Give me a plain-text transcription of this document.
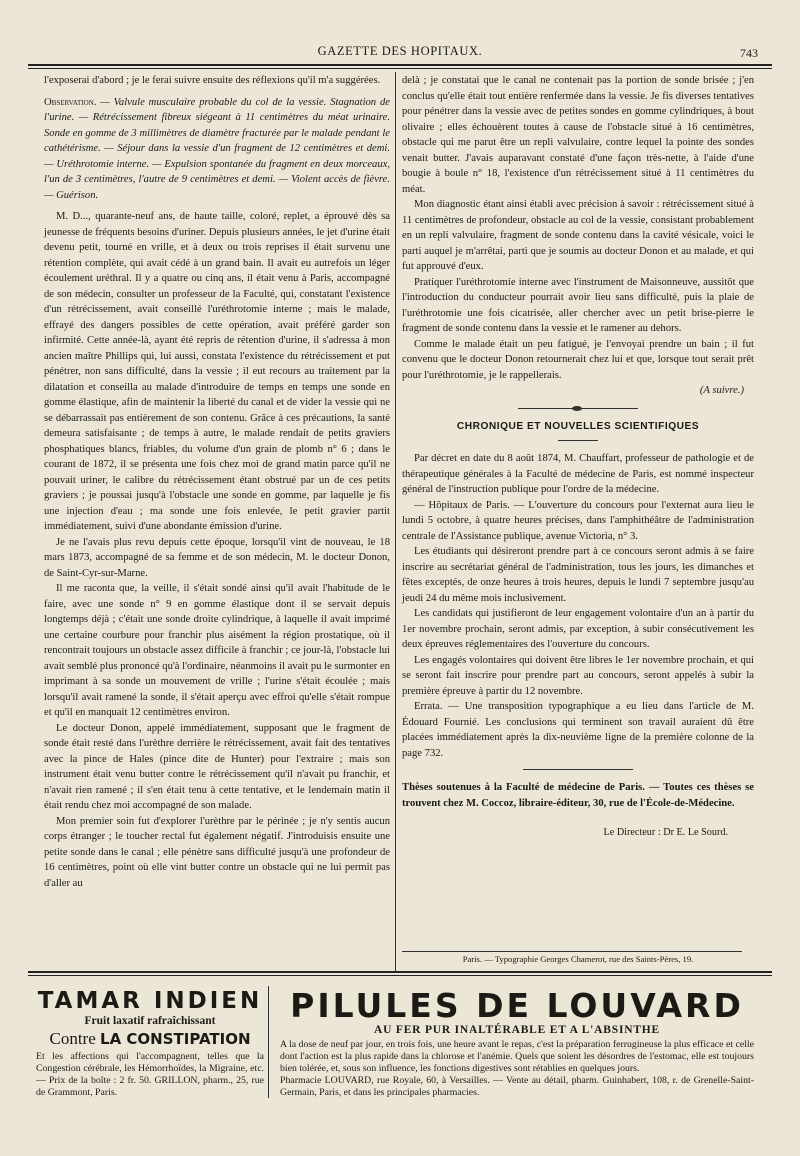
GAZETTE DES HOPITAUX.	743

l'exposerai d'abord ; je le ferai suivre ensuite des réflexions qu'il m'a suggérées.

Observation. — Valvule musculaire probable du col de la vessie. Stagnation de l'urine. — Rétrécissement fibreux siégeant à 11 centimètres du méat urinaire. Sonde en gomme de 3 millimètres de diamètre fracturée par le malade pendant le cathétérisme. — Séjour dans la vessie d'un fragment de 12 centimètres et demi. — Uréthrotomie interne. — Expulsion spontanée du fragment en deux morceaux, l'un de 3 centimètres, l'autre de 9 centimètres et demi. — Violent accès de fièvre. — Guérison.

M. D..., quarante-neuf ans, de haute taille, coloré, replet, a éprouvé dès sa jeunesse de fréquents besoins d'uriner. Depuis plusieurs années, le jet d'urine était devenu petit, tourné en vrille, et à deux ou trois reprises il était survenu une rétention complète, qui avait cédé à un grand bain. Il avait eu autrefois un léger écoulement uréthral. Il y a quatre ou cinq ans, il était venu à Paris, accompagné de son médecin, consulter un professeur de la Faculté, qui, constatant l'existence d'un rétrécissement, avait conseillé l'uréthrotomie interne ; mais le malade, effrayé des dangers possibles de cette opération, avait préféré garder son infirmité. Cette année-là, ayant été repris de rétention d'urine, il s'adressa à mon ancien maître Phillips qui, lui aussi, constata l'existence du rétrécissement et put pénétrer, non sans difficulté, dans la vessie ; il eut recours au traitement par la dilatation et conseilla au malade d'introduire de temps en temps une sonde en gomme élastique, afin de maintenir la liberté du canal et de vider la vessie qui ne se débarrassait pas entièrement de son contenu. Grâce à ces précautions, la santé demeura satisfaisante ; de temps à autre, le malade rendait de petits graviers phosphatiques blancs, friables, du volume d'un grain de plomb n° 6 ; dans le courant de 1872, il se présenta une fois chez moi de grand matin parce qu'il ne pouvait uriner, le calibre du rétrécissement étant obstrué par un de ces petits graviers ; je poussai jusqu'à l'obstacle une sonde en gomme, par laquelle je fis une injection d'eau ; ma sonde une fois enlevée, le petit gravier partit immédiatement, suivi d'une abondante émission d'urine.

Je ne l'avais plus revu depuis cette époque, lorsqu'il vint de nouveau, le 18 mars 1873, accompagné de sa femme et de son médecin, M. le docteur Donon, de Saint-Cyr-sur-Marne.

Il me raconta que, la veille, il s'était sondé ainsi qu'il avait l'habitude de le faire, avec une sonde n° 9 en gomme élastique dont il se servait depuis longtemps déjà ; c'était une sonde droite cylindrique, à laquelle il avait imprimé une certaine courbure pour franchir plus aisément la région prostatique, où il rencontrait toujours un obstacle assez difficile à franchir ; ce jour-là, l'obstacle lui avait semblé plus prononcé qu'à l'ordinaire, néanmoins il avait pu le surmonter en imprimant à sa sonde un mouvement de vrille ; l'urine s'était écoulée ; mais lorsqu'il avait ramené la sonde, il s'était aperçu avec effroi qu'elle s'était rompue et qu'il en manquait 12 centimètres environ.

Le docteur Donon, appelé immédiatement, supposant que le fragment de sonde était resté dans l'urèthre derrière le rétrécissement, avait fait des tentatives avec la pince de Hales (pince dite de Hunter) pour l'extraire ; mais son instrument était venu butter contre le rétrécissement qu'il n'avait pu franchir, et n'avait rien ramené ; il s'en était tenu à cette tentative, et le lendemain matin il était rendu chez moi accompagné de son malade.

Mon premier soin fut d'explorer l'urèthre par le périnée ; je n'y sentis aucun corps étranger ; le toucher rectal fut également négatif. J'introduisis ensuite une petite sonde dans le canal ; elle pénètre sans difficulté jusqu'à une profondeur de 16 centimètres, point où elle vint butter contre un obstacle qui ne lui permit pas d'aller au

delà ; je constatai que le canal ne contenait pas la portion de sonde brisée ; j'en conclus qu'elle était tout entière renfermée dans la vessie. Je fis diverses tentatives pour pénétrer dans la vessie avec de petites sondes en gomme cylindriques, à bout olivaire ; elles échouèrent toutes à cause de l'obstacle situé à 16 centimètres, obstacle qui me parut être un repli valvulaire, contre lequel la pointe des sondes venait butter. J'avais auparavant constaté d'une façon très-nette, à l'aide d'une bougie à boule n° 18, l'existence d'un rétrécissement situé à 11 centimètres du méat.

Mon diagnostic étant ainsi établi avec précision à savoir : rétrécissement situé à 11 centimètres de profondeur, obstacle au col de la vessie, consistant probablement en un repli valvulaire, fragment de sonde contenu dans la cavité vésicale, voici le parti auquel je m'arrêtai, parti que je soumis au docteur Donon et au malade, et qui fut approuvé d'eux.

Pratiquer l'uréthrotomie interne avec l'instrument de Maisonneuve, aussitôt que l'introduction du conducteur pourrait avoir lieu sans difficulté, puis la plaie de l'uréthrotomie une fois cicatrisée, aller chercher avec un petit brise-pierre le fragment de sonde contenu dans la vessie et le ramener au dehors.

Comme le malade était un peu fatigué, je l'envoyai prendre un bain ; il fut convenu que le docteur Donon retournerait chez lui et que, lorsque tout serait prêt pour l'uréthrotomie, je le rappellerais.

(A suivre.)

CHRONIQUE ET NOUVELLES SCIENTIFIQUES

Par décret en date du 8 août 1874, M. Chauffart, professeur de pathologie et de thérapeutique générales à la Faculté de médecine de Paris, est nommé inspecteur général de l'instruction publique pour l'ordre de la médecine.

— Hôpitaux de Paris. — L'ouverture du concours pour l'externat aura lieu le lundi 5 octobre, à quatre heures précises, dans l'amphithéâtre de l'administration centrale de l'Assistance publique, avenue Victoria, n° 3.

Les étudiants qui désireront prendre part à ce concours seront admis à se faire inscrire au secrétariat général de l'administration, tous les jours, les dimanches et fêtes exceptés, de onze heures à trois heures, depuis le lundi 7 septembre jusqu'au jeudi 24 du même mois inclusivement.

Les candidats qui justifieront de leur engagement volontaire d'un an à partir du 1er novembre prochain, seront admis, par exception, à subir consécutivement les deux épreuves réglementaires des l'ouverture du concours.

Les engagés volontaires qui doivent être libres le 1er novembre prochain, et qui se seront fait inscrire pour prendre part au concours, seront appelés à subir la première épreuve à partir du 12 novembre.

Errata. — Une transposition typographique a eu lieu dans l'article de M. Édouard Fournié. Les conclusions qui terminent son travail auraient dû être placées immédiatement après la dix-neuvième ligne de la première colonne de la page 732.

Thèses soutenues à la Faculté de médecine de Paris. — Toutes ces thèses se trouvent chez M. Coccoz, libraire-éditeur, 30, rue de l'École-de-Médecine.

Le Directeur : Dr E. Le Sourd.
Paris. — Typographie Georges Chamerot, rue des Saints-Pères, 19.
TAMAR INDIEN
Fruit laxatif rafraîchissant
Contre LA CONSTIPATION
Et les affections qui l'accompagnent, telles que la Congestion cérébrale, les Hémorrhoïdes, la Migraine, etc. — Prix de la boîte : 2 fr. 50. GRILLON, pharm., 25, rue de Grammont, Paris.
PILULES DE LOUVARD
AU FER PUR INALTÉRABLE ET A L'ABSINTHE
A la dose de neuf par jour, en trois fois, une heure avant le repas, c'est la préparation ferrugineuse la plus efficace et celle dont l'action est la plus rapide dans la chlorose et l'anémie. Quels que soient les désordres de l'estomac, elle est toujours bien tolérée, et, sous son influence, les fonctions digestives sont rétablies en quelques jours.
Pharmacie LOUVARD, rue Royale, 60, à Versailles. — Vente au détail, pharm. Guinhabert, 108, r. de Grenelle-Saint-Germain, Paris, et dans les principales pharmacies.
